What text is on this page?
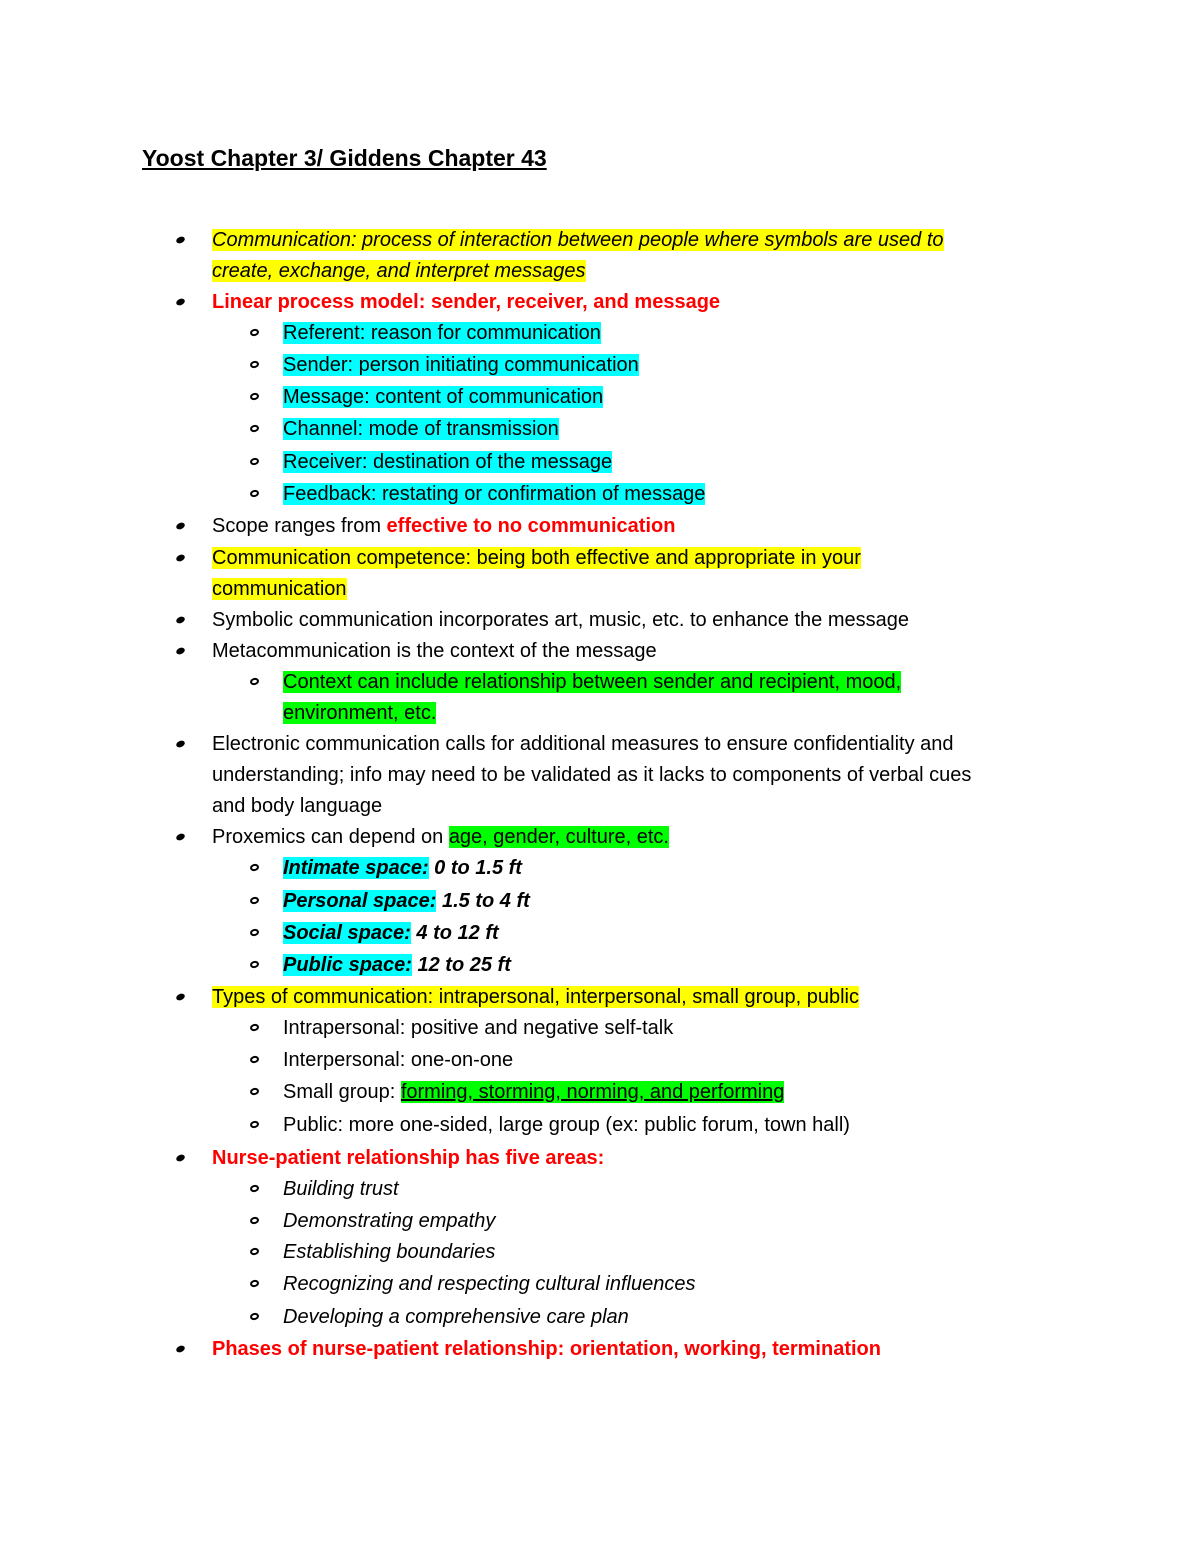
Yoost Chapter 3/ Giddens Chapter 43
Communication: process of interaction between people where symbols are used to
create, exchange, and interpret messages
Linear process model: sender, receiver, and message
Referent: reason for communication
Sender: person initiating communication
Message: content of communication
Channel: mode of transmission
Receiver: destination of the message
Feedback: restating or confirmation of message
Scope ranges from effective to no communication
Communication competence: being both effective and appropriate in your
communication
Symbolic communication incorporates art, music, etc. to enhance the message
Metacommunication is the context of the message
Context can include relationship between sender and recipient, mood,
environment, etc.
Electronic communication calls for additional measures to ensure confidentiality and
understanding; info may need to be validated as it lacks to components of verbal cues
and body language
Proxemics can depend on age, gender, culture, etc.
Intimate space: 0 to 1.5 ft
Personal space: 1.5 to 4 ft
Social space: 4 to 12 ft
Public space: 12 to 25 ft
Types of communication: intrapersonal, interpersonal, small group, public
Intrapersonal: positive and negative self-talk
Interpersonal: one-on-one
Small group: forming, storming, norming, and performing
Public: more one-sided, large group (ex: public forum, town hall)
Nurse-patient relationship has five areas:
Building trust
Demonstrating empathy
Establishing boundaries
Recognizing and respecting cultural influences
Developing a comprehensive care plan
Phases of nurse-patient relationship: orientation, working, termination
